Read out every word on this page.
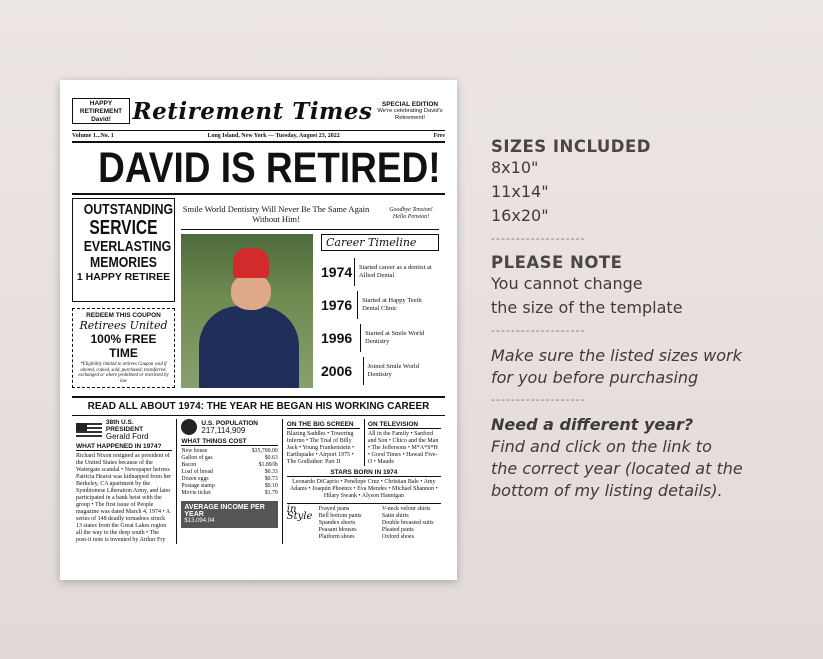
HAPPY
RETIREMENT
David! Retirement Times	SPECIAL EDITION
We're celebrating David's Retirement!
Volume 1...No. 1	Long Island, New York — Tuesday, August 23, 2022	Free
DAVID IS RETIRED!
OUTSTANDING
SERVICE
EVERLASTING
MEMORIES
1 HAPPY RETIREE
REDEEM THIS COUPON
Retirees United
100% FREE TIME
*Eligibility limited to retirees Coupon void if altered, copied, sold, purchased, transferred, exchanged or where prohibited or restricted by law
Smile World Dentistry Will Never Be The Same Again Without Him!
Goodbye Tension! Hello Pension!
Career Timeline
1974	Started career as a dentist at Allied Dental
1976	Started at Happy Teeth Dental Clinic
1996	Started at Smile World Dentistry
2006	Joined Smile World Dentistry
READ ALL ABOUT 1974: THE YEAR HE BEGAN HIS WORKING CAREER
38th U.S. PRESIDENT
Gerald Ford
WHAT HAPPENED IN 1974?
Richard Nixon resigned as president of the United States because of the Watergate scandal • Newspaper heiress Patricia Hearst was kidnapped from her Berkeley, CA apartment by the Symbionese Liberation Army, and later participated in a bank heist with the group • The first issue of People magazine was dated March 4, 1974 • A series of 148 deadly tornadoes struck 13 states from the Great Lakes region all the way to the deep south • The post-it note is invented by Arthur Fry
U.S. POPULATION
217,114,909
WHAT THINGS COST
New house	$35,700.00
Gallon of gas	$0.63
Bacon	$1.89/lb
Loaf of bread	$0.33
Dozen eggs	$0.73
Postage stamp	$0.10
Movie ticket	$1.79
AVERAGE INCOME PER YEAR
$13,094.04
ON THE BIG SCREEN
Blazing Saddles • Towering Inferno • The Trial of Billy Jack • Young Frankenstein • Earthquake • Airport 1975 • The Godfather: Part II
ON TELEVISION
All in the Family • Sanford and Son • Chico and the Man • The Jeffersons • M*A*S*H • Good Times • Hawaii Five-O • Maude
STARS BORN IN 1974
Leonardo DiCaprio • Penélope Cruz • Christian Bale • Amy Adams • Joaquin Phoenix • Eva Mendes • Michael Shannon • Hilary Swank • Alyson Hannigan
in Style
Frayed jeans
Bell bottom pants
Spandex shorts
Peasant blouses
Platform shoes
V-neck velour shirts
Satin shirts
Double breasted suits
Pleated pants
Oxford shoes
SIZES INCLUDED
8x10"
11x14"
16x20"
-------------------
PLEASE NOTE
You cannot change
the size of the template
-------------------
Make sure the listed sizes work
for you before purchasing
-------------------
Need a different year?
Find and click on the link to
the correct year (located at the
bottom of my listing details).
